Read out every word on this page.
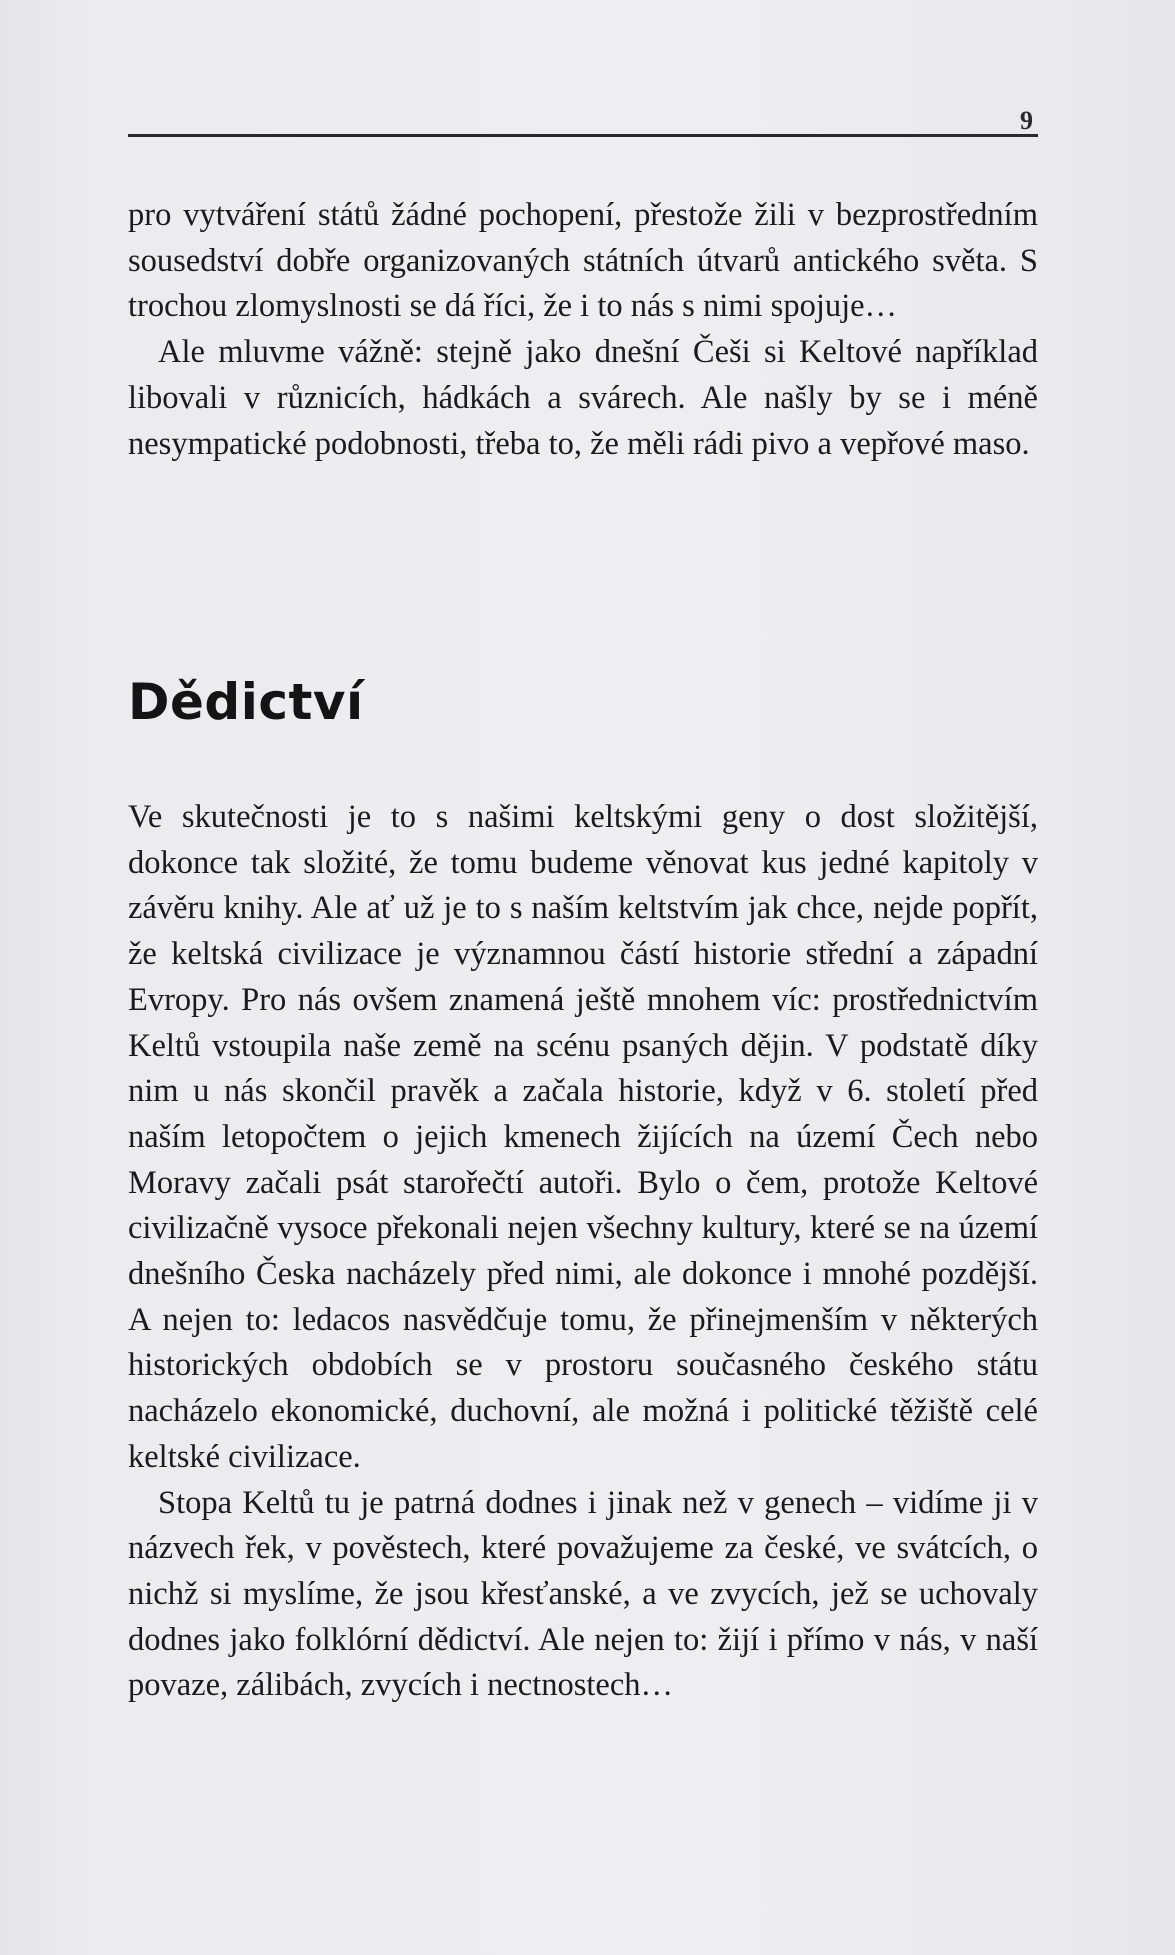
9

pro vytváření států žádné pochopení, přestože žili v bezprostředním sousedství dobře organizovaných státních útvarů antického světa. S trochou zlomyslnosti se dá říci, že i to nás s nimi spojuje…

Ale mluvme vážně: stejně jako dnešní Češi si Keltové například libovali v různicích, hádkách a svárech. Ale našly by se i méně nesympatické podobnosti, třeba to, že měli rádi pivo a vepřové maso.

Dědictví

Ve skutečnosti je to s našimi keltskými geny o dost složitější, dokonce tak složité, že tomu budeme věnovat kus jedné kapitoly v závěru knihy. Ale ať už je to s naším keltstvím jak chce, nejde popřít, že keltská civilizace je významnou částí historie střední a západní Evropy. Pro nás ovšem znamená ještě mnohem víc: prostřednictvím Keltů vstoupila naše země na scénu psaných dějin. V podstatě díky nim u nás skončil pravěk a začala historie, když v 6. století před naším letopočtem o jejich kmenech žijících na území Čech nebo Moravy začali psát starořečtí autoři. Bylo o čem, protože Keltové civilizačně vysoce překonali nejen všechny kultury, které se na území dnešního Česka nacházely před nimi, ale dokonce i mnohé pozdější. A nejen to: ledacos nasvědčuje tomu, že přinejmenším v některých historických obdobích se v prostoru současného českého státu nacházelo ekonomické, duchovní, ale možná i politické těžiště celé keltské civilizace.

Stopa Keltů tu je patrná dodnes i jinak než v genech – vidíme ji v názvech řek, v pověstech, které považujeme za české, ve svátcích, o nichž si myslíme, že jsou křesťanské, a ve zvycích, jež se uchovaly dodnes jako folklórní dědictví. Ale nejen to: žijí i přímo v nás, v naší povaze, zálibách, zvycích i nectnostech…
